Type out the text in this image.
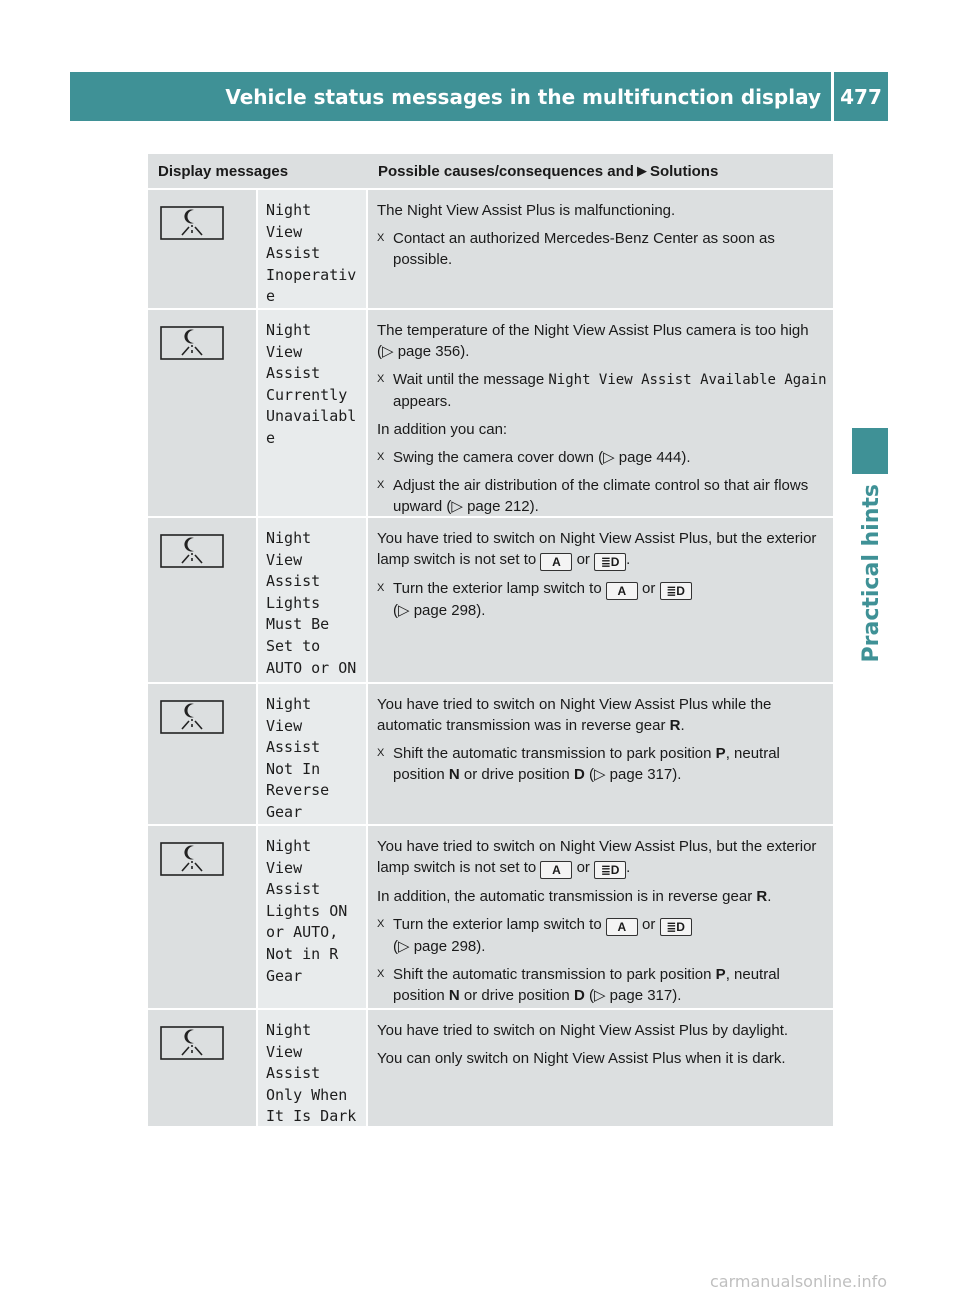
Vehicle status messages in the multifunction display 477
Practical hints
Display messages	Possible causes/consequences and ▶ Solutions
Night
View
Assist
Inoperativ
e

The Night View Assist Plus is malfunctioning.

X Contact an authorized Mercedes-Benz Center as soon as possible.
Night
View
Assist
Currently
Unavailabl
e

The temperature of the Night View Assist Plus camera is too high (▷ page 356).

X Wait until the message Night View Assist Available Again appears.

In addition you can:

X Swing the camera cover down (▷ page 444).
X Adjust the air distribution of the climate control so that air flows upward (▷ page 212).
Night
View
Assist
Lights
Must Be
Set to
AUTO or ON

You have tried to switch on Night View Assist Plus, but the exterior lamp switch is not set to A or ≣D .

X Turn the exterior lamp switch to A or ≣D
(▷ page 298).
Night
View
Assist
Not In
Reverse
Gear

You have tried to switch on Night View Assist Plus while the automatic transmission was in reverse gear R.

X Shift the automatic transmission to park position P, neutral position N or drive position D (▷ page 317).
Night
View
Assist
Lights ON
or AUTO,
Not in R
Gear

You have tried to switch on Night View Assist Plus, but the exterior lamp switch is not set to A or ≣D .

In addition, the automatic transmission is in reverse gear R.

X Turn the exterior lamp switch to A or ≣D
(▷ page 298).
X Shift the automatic transmission to park position P, neutral position N or drive position D (▷ page 317).
Night
View
Assist
Only When
It Is Dark

You have tried to switch on Night View Assist Plus by daylight.

You can only switch on Night View Assist Plus when it is dark.

carmanualsonline.info
